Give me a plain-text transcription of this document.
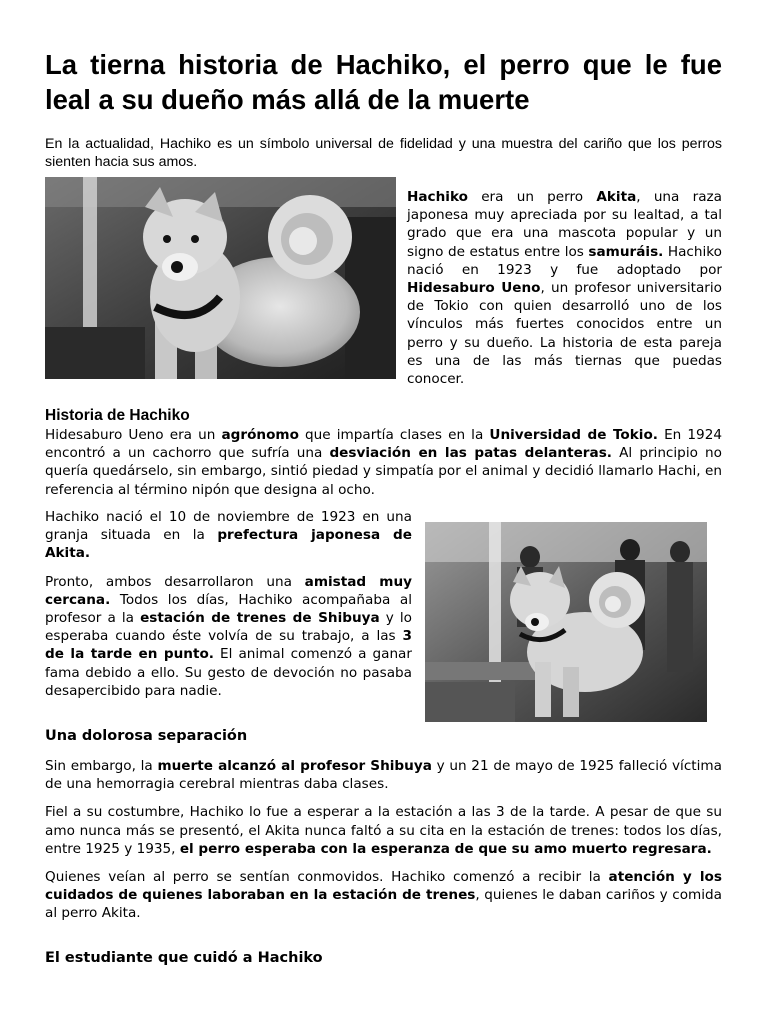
La tierna historia de Hachiko, el perro que le fue leal a su dueño más allá de la muerte

En la actualidad, Hachiko es un símbolo universal de fidelidad y una muestra del cariño que los perros sienten hacia sus amos.

Hachiko era un perro Akita, una raza japonesa muy apreciada por su lealtad, a tal grado que era una mascota popular y un signo de estatus entre los samuráis. Hachiko nació en 1923 y fue adoptado por Hidesaburo Ueno, un profesor universitario de Tokio con quien desarrolló uno de los vínculos más fuertes conocidos entre un perro y su dueño. La historia de esta pareja es una de las más tiernas que puedas conocer.

Historia de Hachiko

Hidesaburo Ueno era un agrónomo que impartía clases en la Universidad de Tokio. En 1924 encontró a un cachorro que sufría una desviación en las patas delanteras. Al principio no quería quedárselo, sin embargo, sintió piedad y simpatía por el animal y decidió llamarlo Hachi, en referencia al término nipón que designa al ocho.

Hachiko nació el 10 de noviembre de 1923 en una granja situada en la prefectura japonesa de Akita.

Pronto, ambos desarrollaron una amistad muy cercana. Todos los días, Hachiko acompañaba al profesor a la estación de trenes de Shibuya y lo esperaba cuando éste volvía de su trabajo, a las 3 de la tarde en punto. El animal comenzó a ganar fama debido a ello. Su gesto de devoción no pasaba desapercibido para nadie.

Una dolorosa separación

Sin embargo, la muerte alcanzó al profesor Shibuya y un 21 de mayo de 1925 falleció víctima de una hemorragia cerebral mientras daba clases.

Fiel a su costumbre, Hachiko lo fue a esperar a la estación a las 3 de la tarde. A pesar de que su amo nunca más se presentó, el Akita nunca faltó a su cita en la estación de trenes: todos los días, entre 1925 y 1935, el perro esperaba con la esperanza de que su amo muerto regresara.

Quienes veían al perro se sentían conmovidos. Hachiko comenzó a recibir la atención y los cuidados de quienes laboraban en la estación de trenes, quienes le daban cariños y comida al perro Akita.

El estudiante que cuidó a Hachiko
